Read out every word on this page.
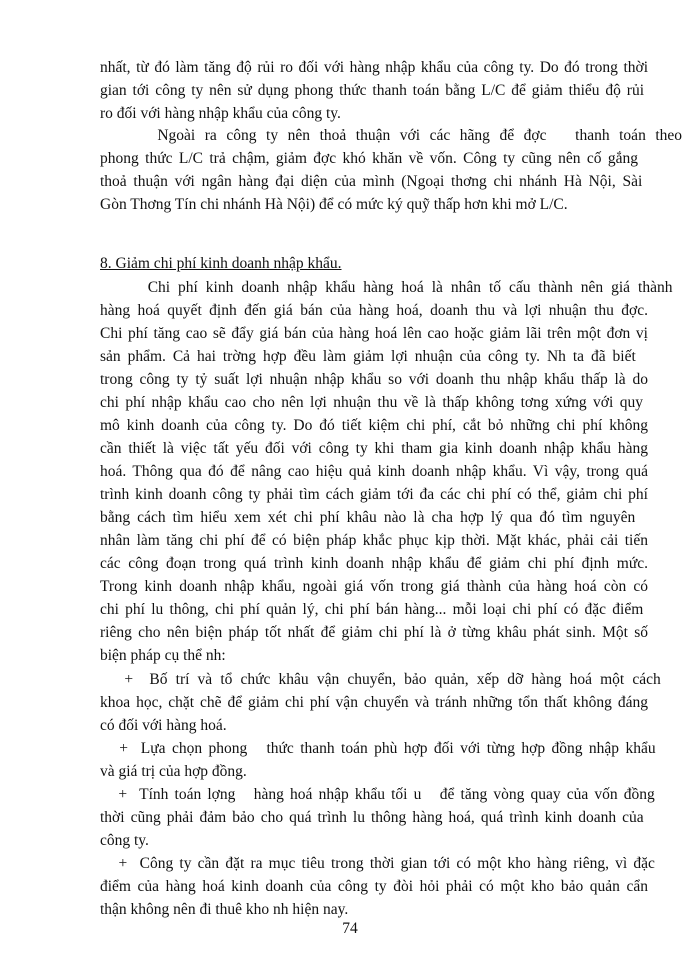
nhất, từ đó làm tăng độ rủi ro đối với hàng nhập khẩu của công ty. Do đó trong thời
gian tới công ty nên sử dụng phong thức thanh toán bằng L/C để giảm thiểu độ rủi
ro đối với hàng nhập khẩu của công ty.
Ngoài ra công ty nên thoả thuận với các hãng để đợc   thanh toán theo
phong thức L/C trả chậm, giảm đợc khó khăn về vốn. Công ty cũng nên cố gắng
thoả thuận với ngân hàng đại diện của mình (Ngoại thơng chi nhánh Hà Nội, Sài
Gòn Thơng Tín chi nhánh Hà Nội) để có mức ký quỹ thấp hơn khi mở L/C.
8. Giảm chi phí kinh doanh nhập khẩu.
Chi phí kinh doanh nhập khẩu hàng hoá là nhân tố cấu thành nên giá thành
hàng hoá quyết định đến giá bán của hàng hoá, doanh thu và lợi nhuận thu đợc.
Chi phí tăng cao sẽ đẩy giá bán của hàng hoá lên cao hoặc giảm lãi trên một đơn vị
sản phẩm. Cả hai trờng hợp đều làm giảm lợi nhuận của công ty. Nh ta đã biết
trong công ty tỷ suất lợi nhuận nhập khẩu so với doanh thu nhập khẩu thấp là do
chi phí nhập khẩu cao cho nên lợi nhuận thu về là thấp không tơng xứng với quy
mô kinh doanh của công ty. Do đó tiết kiệm chi phí, cắt bỏ những chi phí không
cần thiết là việc tất yếu đối với công ty khi tham gia kinh doanh nhập khẩu hàng
hoá. Thông qua đó để nâng cao hiệu quả kinh doanh nhập khẩu. Vì vậy, trong quá
trình kinh doanh công ty phải tìm cách giảm tới đa các chi phí có thể, giảm chi phí
bằng cách tìm hiểu xem xét chi phí khâu nào là cha hợp lý qua đó tìm nguyên
nhân làm tăng chi phí để có biện pháp khắc phục kịp thời. Mặt khác, phải cải tiến
các công đoạn trong quá trình kinh doanh nhập khẩu để giảm chi phí định mức.
Trong kinh doanh nhập khẩu, ngoài giá vốn trong giá thành của hàng hoá còn có
chi phí lu thông, chi phí quản lý, chi phí bán hàng... mỗi loại chi phí có đặc điểm
riêng cho nên biện pháp tốt nhất để giảm chi phí là ở từng khâu phát sinh. Một số
biện pháp cụ thể nh:
+  Bố trí và tổ chức khâu vận chuyển, bảo quản, xếp dỡ hàng hoá một cách
khoa học, chặt chẽ để giảm chi phí vận chuyển và tránh những tổn thất không đáng
có đối với hàng hoá.
+  Lựa chọn phong   thức thanh toán phù hợp đối với từng hợp đồng nhập khẩu
và giá trị của hợp đồng.
+  Tính toán lợng   hàng hoá nhập khẩu tối u   để tăng vòng quay của vốn đồng
thời cũng phải đảm bảo cho quá trình lu thông hàng hoá, quá trình kinh doanh của
công ty.
+  Công ty cần đặt ra mục tiêu trong thời gian tới có một kho hàng riêng, vì đặc
điểm của hàng hoá kinh doanh của công ty đòi hỏi phải có một kho bảo quản cẩn
thận không nên đi thuê kho nh hiện nay.
74
